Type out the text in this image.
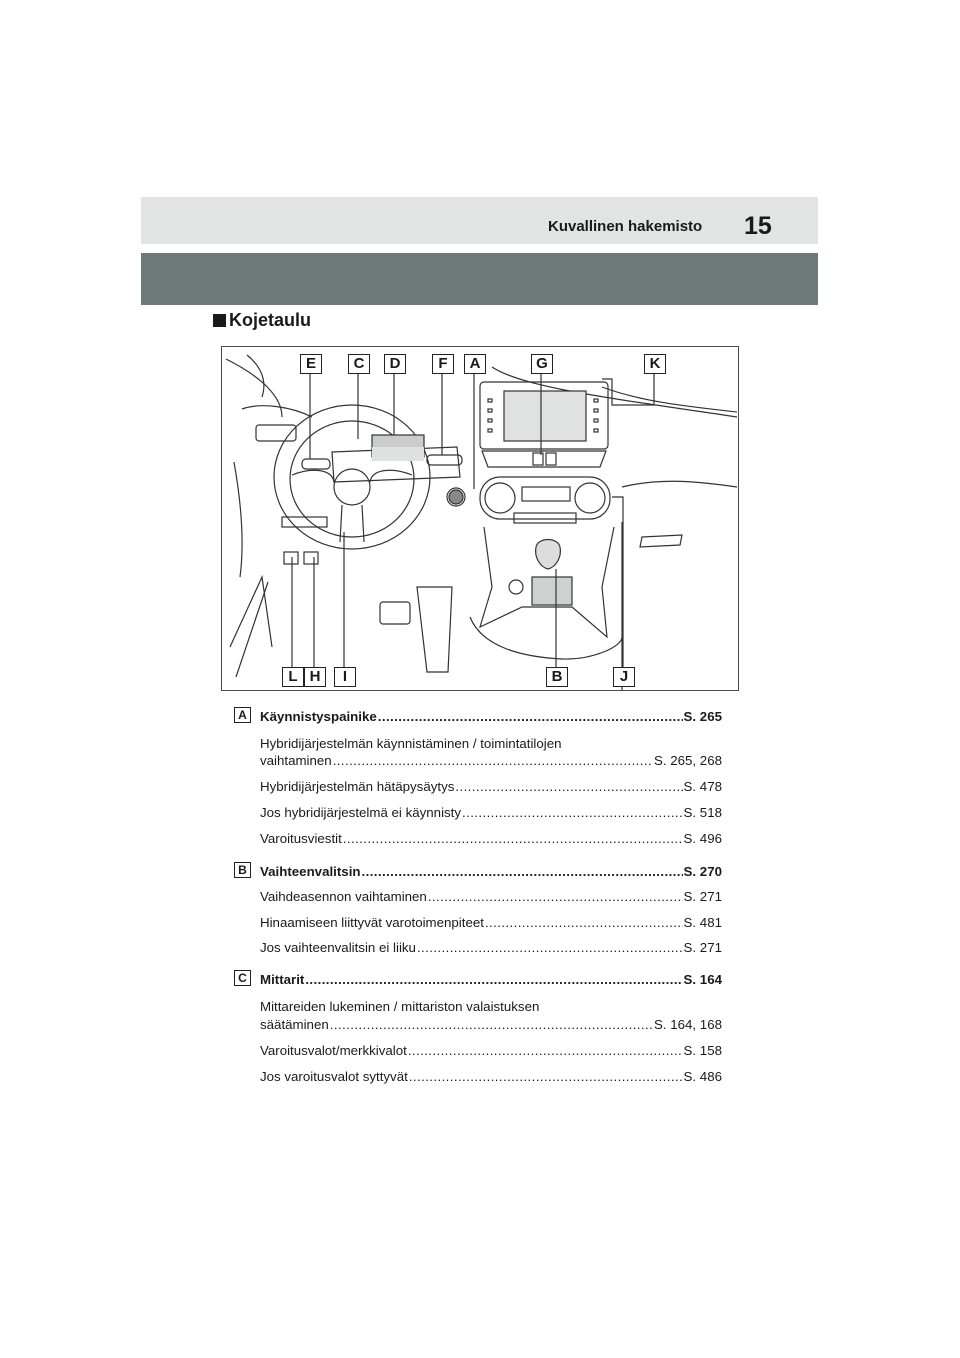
Kuvallinen hakemisto 15
Kojetaulu
E	C	D	F	A	G	K
L H	I	B	J
A Käynnistyspainike .....	S. 265
Hybridijärjestelmän käynnistäminen / toimintatilojen
vaihtaminen .....	S. 265, 268
Hybridijärjestelmän hätäpysäytys .....	S. 478
Jos hybridijärjestelmä ei käynnisty .....	S. 518
Varoitusviestit .....	S. 496
B Vaihteenvalitsin .....	S. 270
Vaihdeasennon vaihtaminen .....	S. 271
Hinaamiseen liittyvät varotoimenpiteet .....	S. 481
Jos vaihteenvalitsin ei liiku .....	S. 271
C Mittarit .....	S. 164
Mittareiden lukeminen / mittariston valaistuksen
säätäminen .....	S. 164, 168
Varoitusvalot/merkkivalot .....	S. 158
Jos varoitusvalot syttyvät .....	S. 486
